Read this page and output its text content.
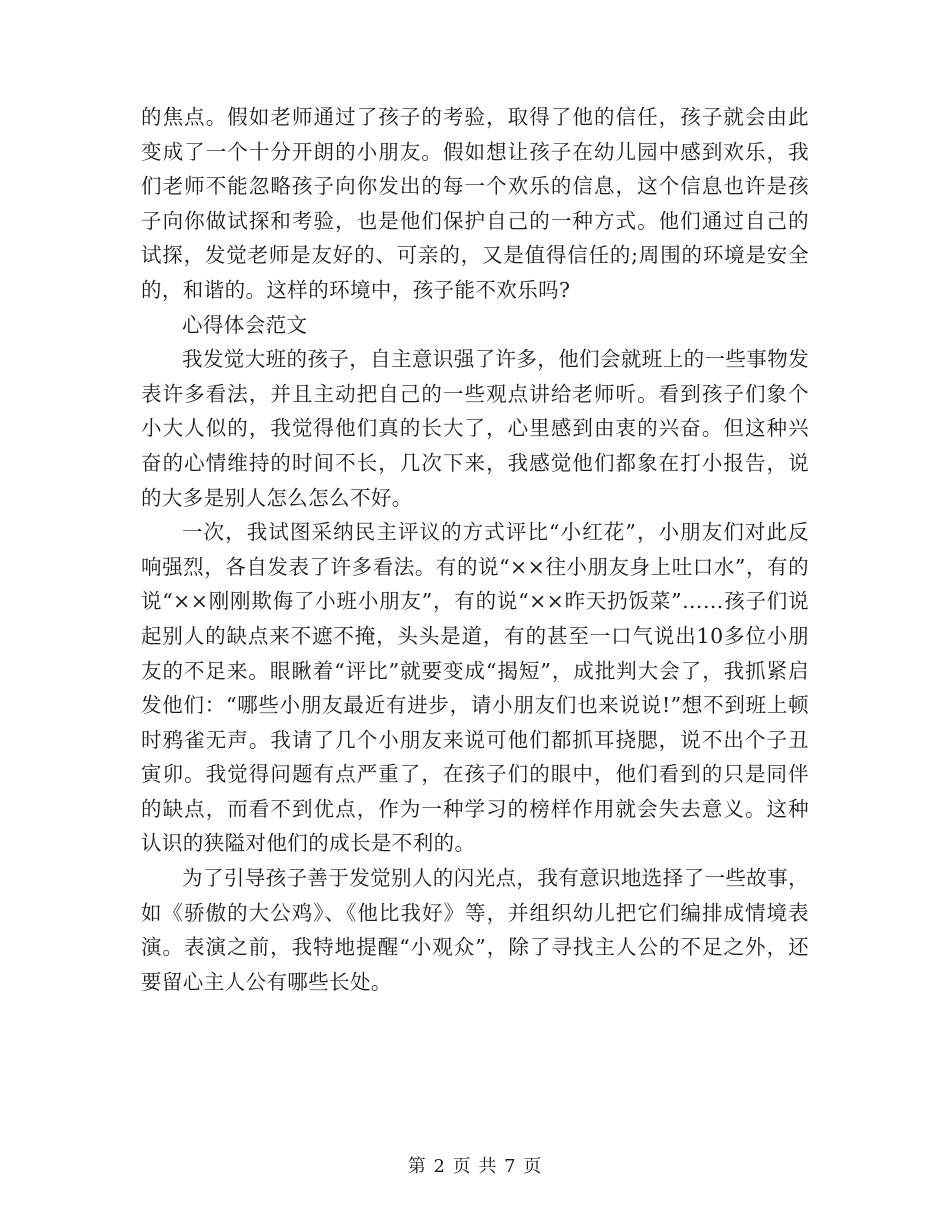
的焦点。假如老师通过了孩子的考验，取得了他的信任，孩子就会由此变成了一个十分开朗的小朋友。假如想让孩子在幼儿园中感到欢乐，我们老师不能忽略孩子向你发出的每一个欢乐的信息，这个信息也许是孩子向你做试探和考验，也是他们保护自己的一种方式。他们通过自己的试探，发觉老师是友好的、可亲的，又是值得信任的;周围的环境是安全的，和谐的。这样的环境中，孩子能不欢乐吗?

心得体会范文

我发觉大班的孩子，自主意识强了许多，他们会就班上的一些事物发表许多看法，并且主动把自己的一些观点讲给老师听。看到孩子们象个小大人似的，我觉得他们真的长大了，心里感到由衷的兴奋。但这种兴奋的心情维持的时间不长，几次下来，我感觉他们都象在打小报告，说的大多是别人怎么怎么不好。

一次，我试图采纳民主评议的方式评比“小红花”，小朋友们对此反响强烈，各自发表了许多看法。有的说“××往小朋友身上吐口水”，有的说“××刚刚欺侮了小班小朋友”，有的说“××昨天扔饭菜”……孩子们说起别人的缺点来不遮不掩，头头是道，有的甚至一口气说出10多位小朋友的不足来。眼瞅着“评比”就要变成“揭短”，成批判大会了，我抓紧启发他们：“哪些小朋友最近有进步，请小朋友们也来说说!”想不到班上顿时鸦雀无声。我请了几个小朋友来说可他们都抓耳挠腮，说不出个子丑寅卯。我觉得问题有点严重了，在孩子们的眼中，他们看到的只是同伴的缺点，而看不到优点，作为一种学习的榜样作用就会失去意义。这种认识的狭隘对他们的成长是不利的。

为了引导孩子善于发觉别人的闪光点，我有意识地选择了一些故事，如《骄傲的大公鸡》、《他比我好》等，并组织幼儿把它们编排成情境表演。表演之前，我特地提醒“小观众”，除了寻找主人公的不足之外，还要留心主人公有哪些长处。

第 2 页 共 7 页
